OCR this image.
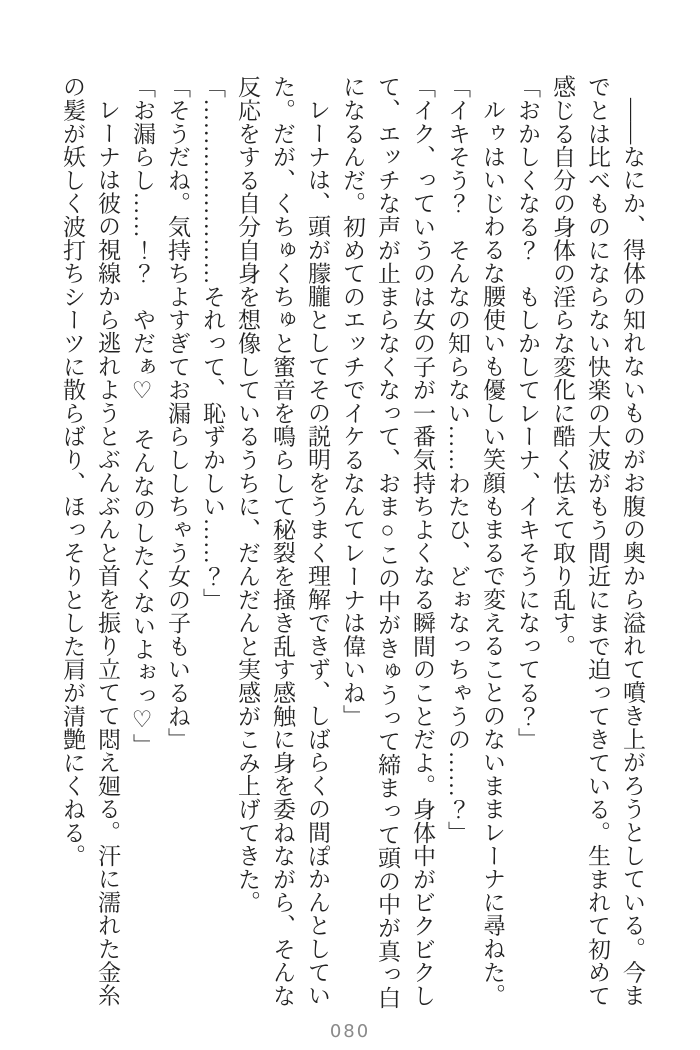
——なにか、得体の知れないものがお腹の奥から溢れて噴き上がろうとしている。今までとは比べものにならない快楽の大波がもう間近にまで迫ってきている。生まれて初めて感じる自分の身体の淫らな変化に酷く怯えて取り乱す。

「おかしくなる？　もしかしてレーナ、イキそうになってる？」

ルゥはいじわるな腰使いも優しい笑顔もまるで変えることのないままレーナに尋ねた。

「イキそう？　そんなの知らない……わたひ、どぉなっちゃうの……？」

「イク、っていうのは女の子が一番気持ちよくなる瞬間のことだよ。身体中がビクビクして、エッチな声が止まらなくなって、おま○この中がきゅうって締まって頭の中が真っ白になるんだ。初めてのエッチでイケるなんてレーナは偉いね」

レーナは、頭が朦朧としてその説明をうまく理解できず、しばらくの間ぽかんとしていた。だが、くちゅくちゅと蜜音を鳴らして秘裂を掻き乱す感触に身を委ねながら、そんな反応をする自分自身を想像しているうちに、だんだんと実感がこみ上げてきた。

「……………………それって、恥ずかしい……？」

「そうだね。気持ちよすぎてお漏らししちゃう女の子もいるね」

「お漏らし……！？　やだぁ♡　そんなのしたくないよぉっ♡」

レーナは彼の視線から逃れようとぶんぶんと首を振り立てて悶え廻る。汗に濡れた金糸の髪が妖しく波打ちシーツに散らばり、ほっそりとした肩が清艶にくねる。

080
